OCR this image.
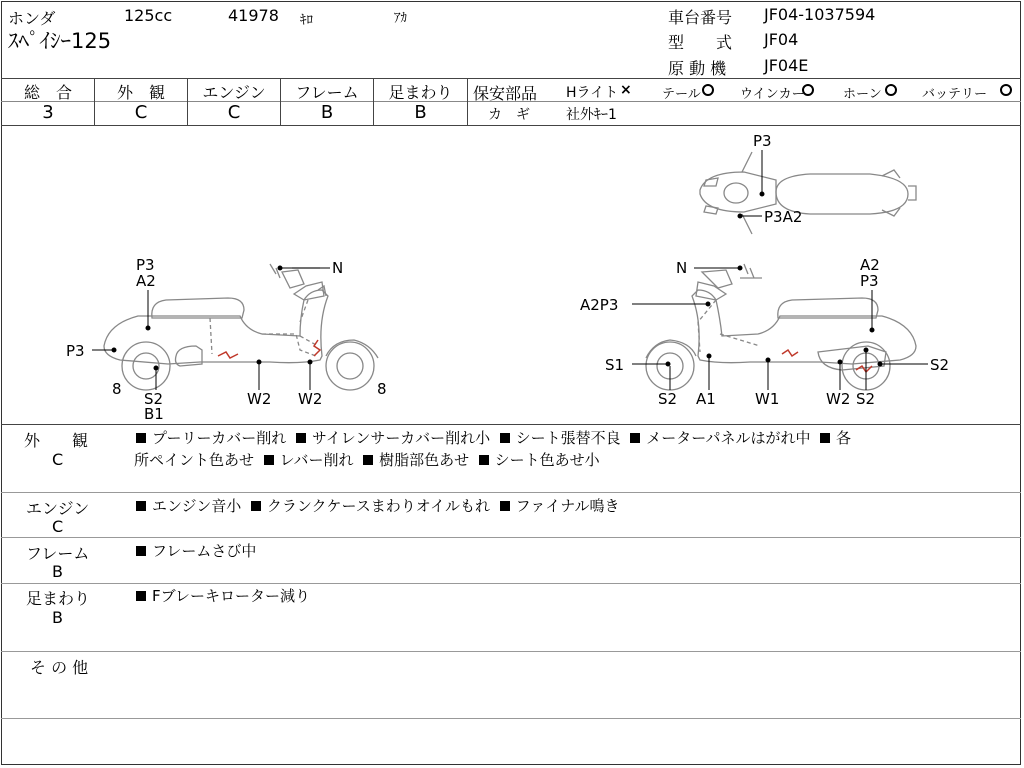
ホンダ	125cc	41978 ｷﾛ	ｱｶ
ｽﾍﾟｲｼｰ125
車台番号 JF04-1037594
型　　式 JF04
原 動 機 JF04E
総　合	外　観	エンジン	フレーム	足まわり
3	C	C	B	B
保安部品 Hライト × テール	ウインカー	ホーン	バッテリー
カ　ギ	社外ｷｰ1
P3
P3A2
P3
A2
N
P3
8
S2
B1
W2 W2
8
N	A2
P3
A2P3
S1
S2 A1	W1	W2 S2
S2
外　　観
C
プーリーカバー削れ サイレンサーカバー削れ小 シート張替不良 メーターパネルはがれ中 各
所ペイント色あせ レバー削れ 樹脂部色あせ シート色あせ小
エンジン
C
エンジン音小 クランクケースまわりオイルもれ ファイナル鳴き
フレーム
B
フレームさび中
足まわり
B
Fブレーキローター減り
そ の 他
